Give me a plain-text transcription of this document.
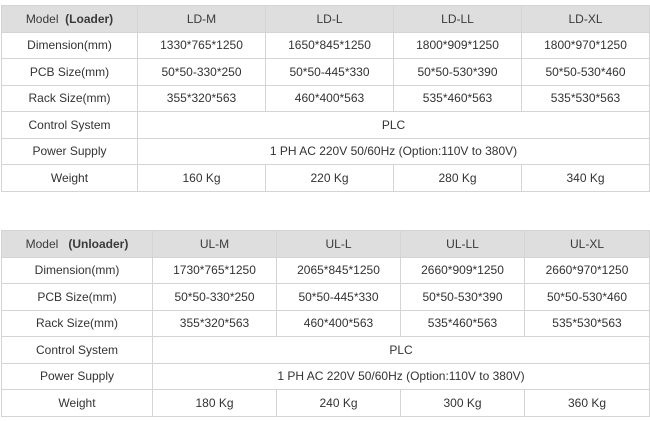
Model (Loader)	LD-M	LD-L	LD-LL	LD-XL
Dimension(mm)	1330*765*1250	1650*845*1250	1800*909*1250	1800*970*1250
PCB Size(mm)	50*50-330*250	50*50-445*330	50*50-530*390	50*50-530*460
Rack Size(mm)	355*320*563	460*400*563	535*460*563	535*530*563
Control System	PLC			
Power Supply	1 PH AC 220V 50/60Hz (Option:110V to 380V)			
Weight	160 Kg	220 Kg	280 Kg	340 Kg
Model (Unloader)	UL-M	UL-L	UL-LL	UL-XL
Dimension(mm)	1730*765*1250	2065*845*1250	2660*909*1250	2660*970*1250
PCB Size(mm)	50*50-330*250	50*50-445*330	50*50-530*390	50*50-530*460
Rack Size(mm)	355*320*563	460*400*563	535*460*563	535*530*563
Control System	PLC			
Power Supply	1 PH AC 220V 50/60Hz (Option:110V to 380V)			
Weight	180 Kg	240 Kg	300 Kg	360 Kg
